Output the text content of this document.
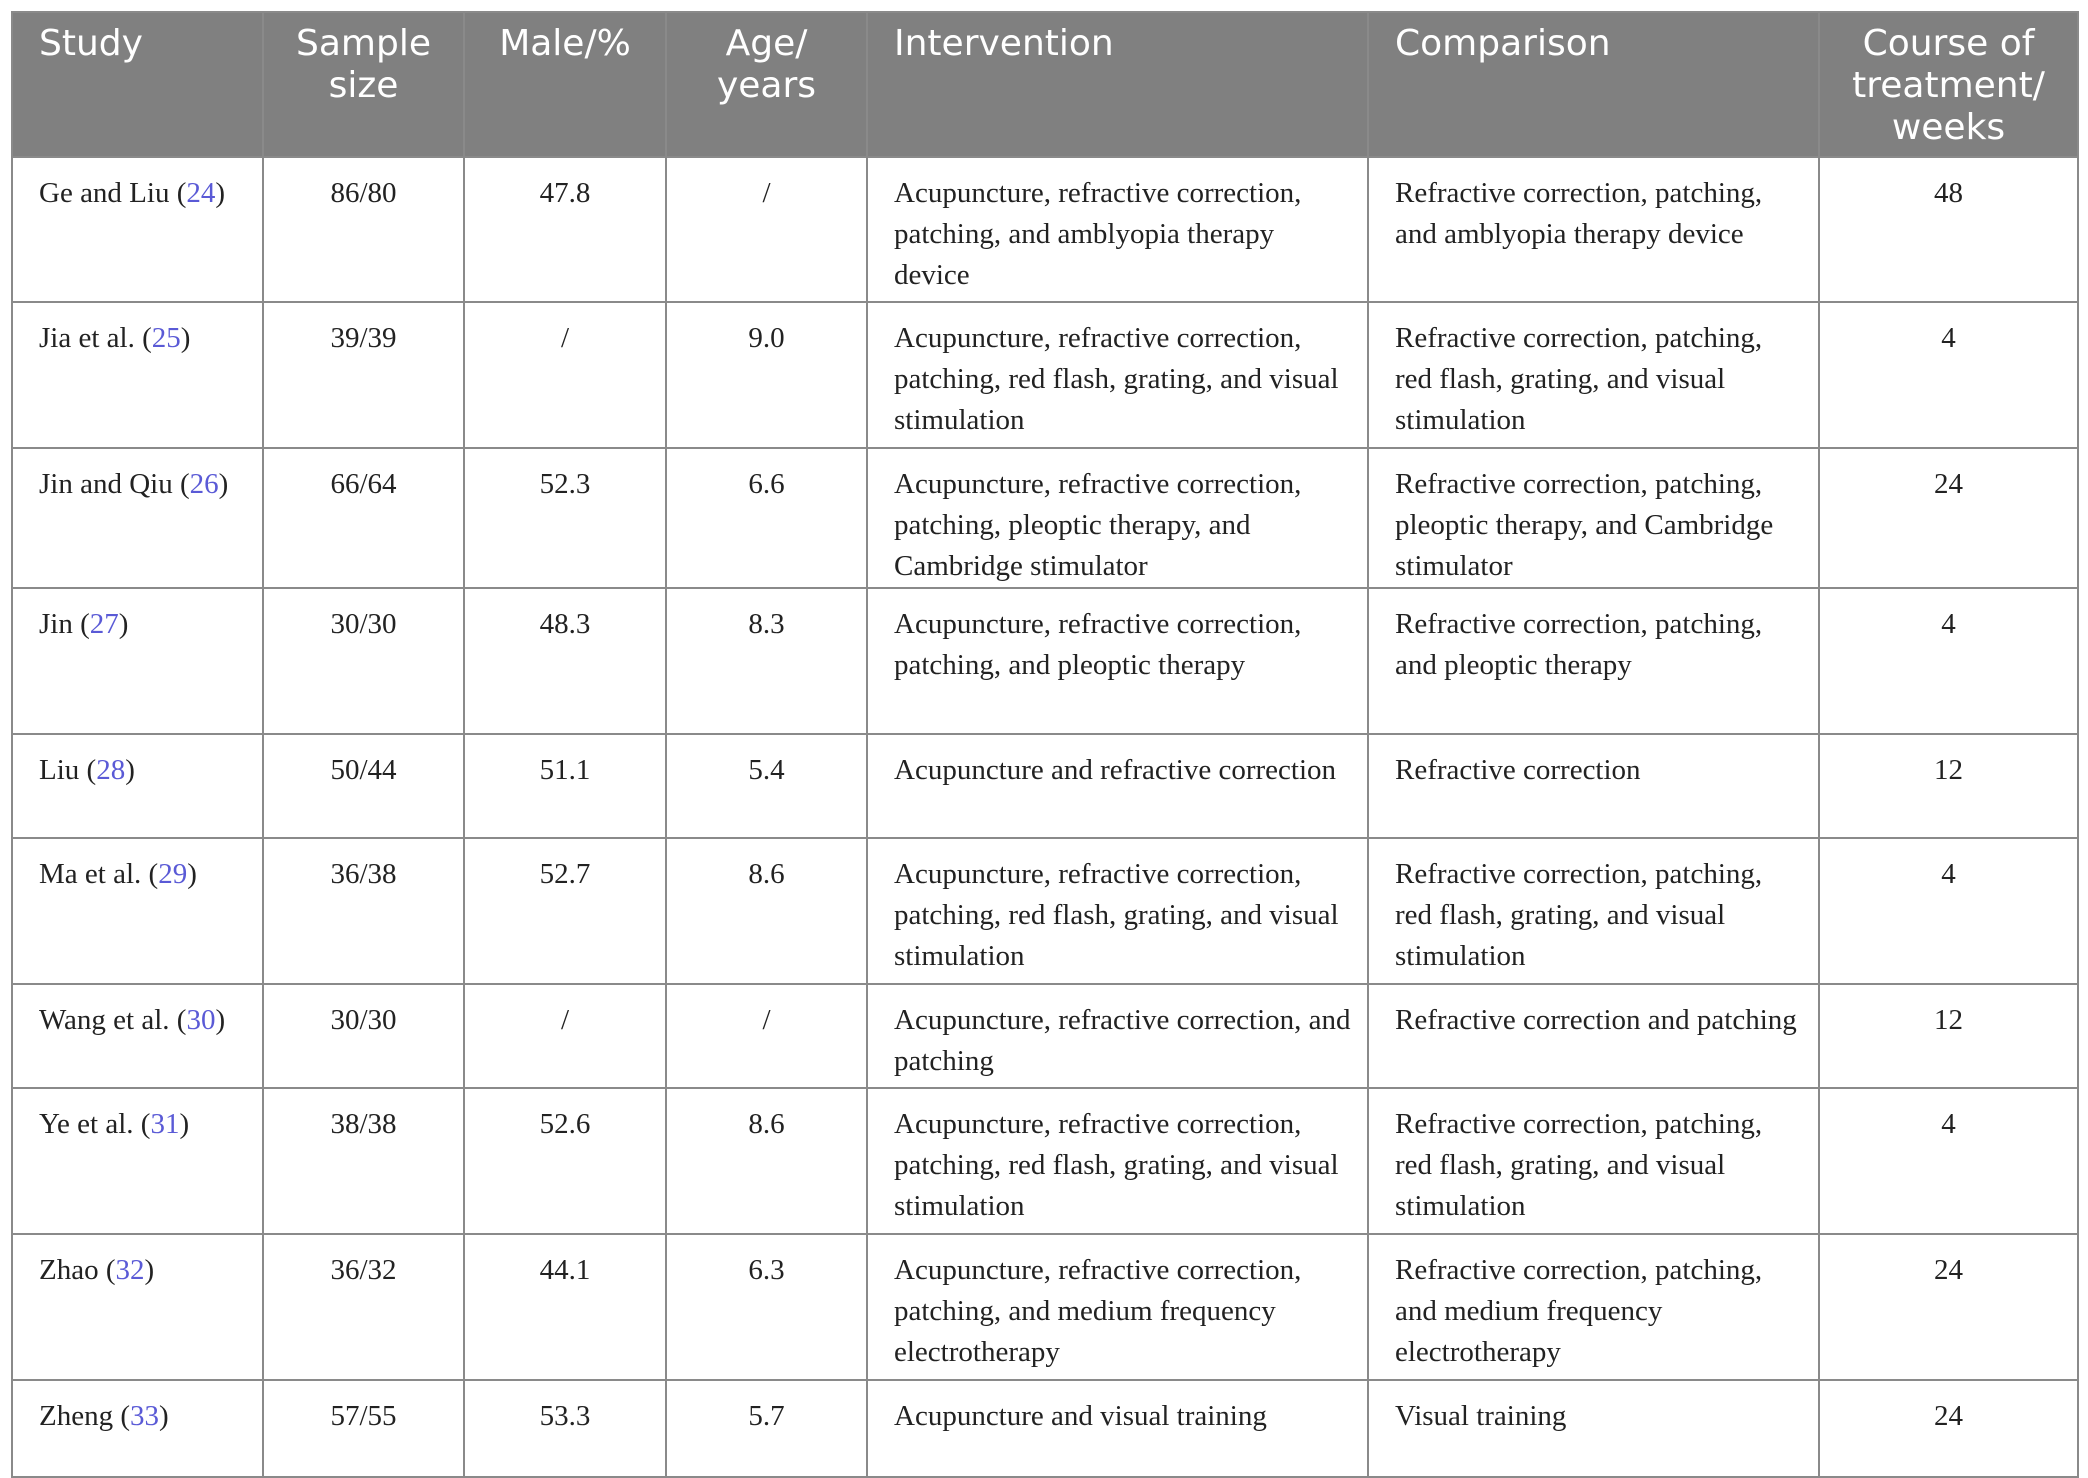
Study	Sample size	Male/%	Age/ years	Intervention	Comparison	Course of treatment/ weeks
Ge and Liu (24)	86/80	47.8	/	Acupuncture, refractive correction, patching, and amblyopia therapy device	Refractive correction, patching, and amblyopia therapy device	48
Jia et al. (25)	39/39	/	9.0	Acupuncture, refractive correction, patching, red flash, grating, and visual stimulation	Refractive correction, patching, red flash, grating, and visual stimulation	4
Jin and Qiu (26)	66/64	52.3	6.6	Acupuncture, refractive correction, patching, pleoptic therapy, and Cambridge stimulator	Refractive correction, patching, pleoptic therapy, and Cambridge stimulator	24
Jin (27)	30/30	48.3	8.3	Acupuncture, refractive correction, patching, and pleoptic therapy	Refractive correction, patching, and pleoptic therapy	4
Liu (28)	50/44	51.1	5.4	Acupuncture and refractive correction	Refractive correction	12
Ma et al. (29)	36/38	52.7	8.6	Acupuncture, refractive correction, patching, red flash, grating, and visual stimulation	Refractive correction, patching, red flash, grating, and visual stimulation	4
Wang et al. (30)	30/30	/	/	Acupuncture, refractive correction, and patching	Refractive correction and patching	12
Ye et al. (31)	38/38	52.6	8.6	Acupuncture, refractive correction, patching, red flash, grating, and visual stimulation	Refractive correction, patching, red flash, grating, and visual stimulation	4
Zhao (32)	36/32	44.1	6.3	Acupuncture, refractive correction, patching, and medium frequency electrotherapy	Refractive correction, patching, and medium frequency electrotherapy	24
Zheng (33)	57/55	53.3	5.7	Acupuncture and visual training	Visual training	24
